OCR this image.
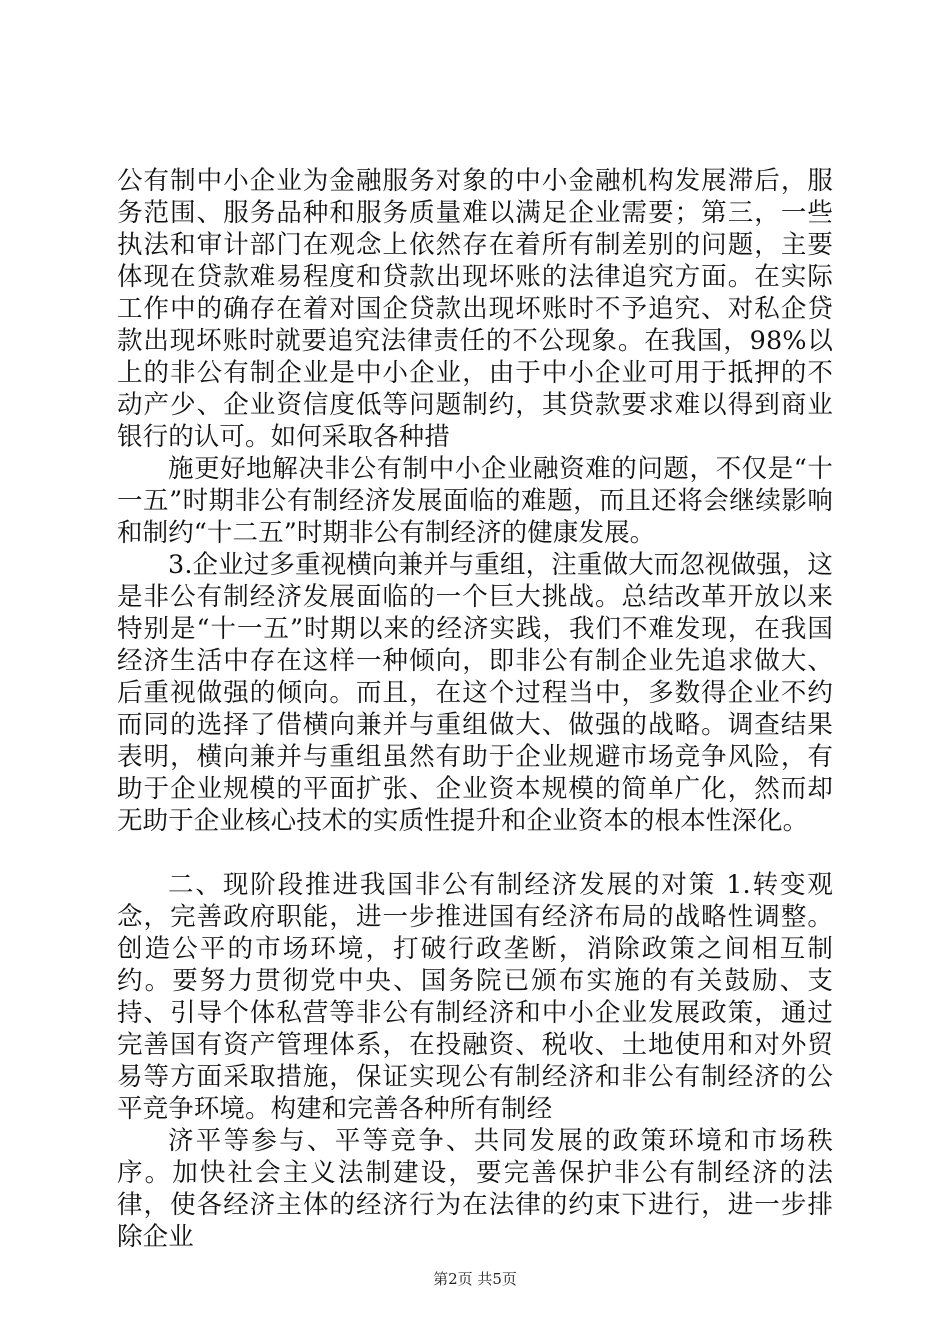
公有制中小企业为金融服务对象的中小金融机构发展滞后，服务范围、服务品种和服务质量难以满足企业需要；第三，一些执法和审计部门在观念上依然存在着所有制差别的问题，主要体现在贷款难易程度和贷款出现坏账的法律追究方面。在实际工作中的确存在着对国企贷款出现坏账时不予追究、对私企贷款出现坏账时就要追究法律责任的不公现象。在我国，98%以上的非公有制企业是中小企业，由于中小企业可用于抵押的不动产少、企业资信度低等问题制约，其贷款要求难以得到商业银行的认可。如何采取各种措

施更好地解决非公有制中小企业融资难的问题，不仅是“十一五”时期非公有制经济发展面临的难题，而且还将会继续影响和制约“十二五”时期非公有制经济的健康发展。

3.企业过多重视横向兼并与重组，注重做大而忽视做强，这是非公有制经济发展面临的一个巨大挑战。总结改革开放以来特别是“十一五”时期以来的经济实践，我们不难发现，在我国经济生活中存在这样一种倾向，即非公有制企业先追求做大、后重视做强的倾向。而且，在这个过程当中，多数得企业不约而同的选择了借横向兼并与重组做大、做强的战略。调查结果表明，横向兼并与重组虽然有助于企业规避市场竞争风险，有助于企业规模的平面扩张、企业资本规模的简单广化，然而却无助于企业核心技术的实质性提升和企业资本的根本性深化。

二、现阶段推进我国非公有制经济发展的对策 1.转变观念，完善政府职能，进一步推进国有经济布局的战略性调整。创造公平的市场环境，打破行政垄断，消除政策之间相互制约。要努力贯彻党中央、国务院已颁布实施的有关鼓励、支持、引导个体私营等非公有制经济和中小企业发展政策，通过完善国有资产管理体系，在投融资、税收、土地使用和对外贸易等方面采取措施，保证实现公有制经济和非公有制经济的公平竞争环境。构建和完善各种所有制经

济平等参与、平等竞争、共同发展的政策环境和市场秩序。加快社会主义法制建设，要完善保护非公有制经济的法律，使各经济主体的经济行为在法律的约束下进行，进一步排除企业

第2页 共5页
